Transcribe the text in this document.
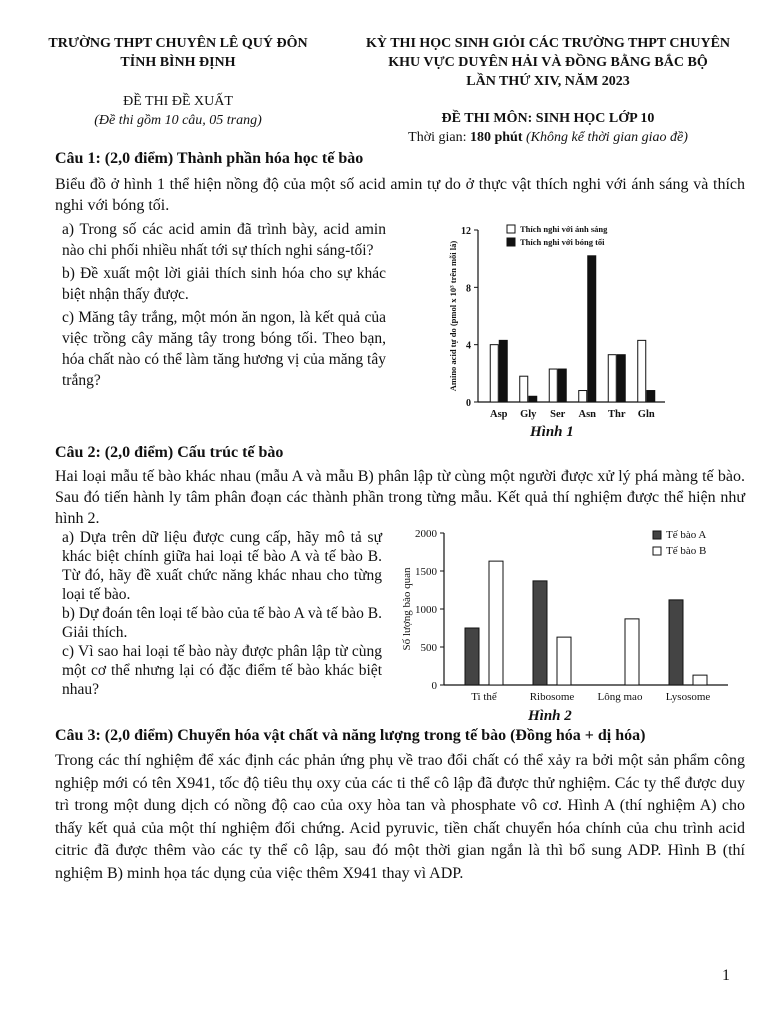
TRƯỜNG THPT CHUYÊN LÊ QUÝ ĐÔN
TỈNH BÌNH ĐỊNH
KỲ THI HỌC SINH GIỎI CÁC TRƯỜNG THPT CHUYÊN
KHU VỰC DUYÊN HẢI VÀ ĐỒNG BẰNG BẮC BỘ
LẦN THỨ XIV, NĂM 2023
ĐỀ THI ĐỀ XUẤT
(Đề thi gồm 10 câu, 05 trang)	ĐỀ THI MÔN: SINH HỌC LỚP 10
Thời gian: 180 phút (Không kể thời gian giao đề)
Câu 1: (2,0 điểm) Thành phần hóa học tế bào
Biểu đồ ở hình 1 thể hiện nồng độ của một số acid amin tự do ở thực vật thích nghi với ánh sáng và thích nghi với bóng tối.
a) Trong số các acid amin đã trình bày, acid amin nào chi phối nhiều nhất tới sự thích nghi sáng-tối?
b) Đề xuất một lời giải thích sinh hóa cho sự khác biệt nhận thấy được.
c) Măng tây trắng, một món ăn ngon, là kết quả của việc trồng cây măng tây trong bóng tối. Theo bạn, hóa chất nào có thể làm tăng hương vị của măng tây trắng?
0
4
8
12
Amino acid tự do (pmol x 10³ trên mỗi lá)
Asp Gly Ser Asn Thr Gln
Thích nghi với ánh sáng
Thích nghi với bóng tối
Hình 1
Câu 2: (2,0 điểm) Cấu trúc tế bào
Hai loại mẫu tế bào khác nhau (mẫu A và mẫu B) phân lập từ cùng một người được xử lý phá màng tế bào. Sau đó tiến hành ly tâm phân đoạn các thành phần trong từng mẫu. Kết quả thí nghiệm được thể hiện như hình 2.
a) Dựa trên dữ liệu được cung cấp, hãy mô tả sự khác biệt chính giữa hai loại tế bào A và tế bào B. Từ đó, hãy đề xuất chức năng khác nhau cho từng loại tế bào.
b) Dự đoán tên loại tế bào của tế bào A và tế bào B. Giải thích.
c) Vì sao hai loại tế bào này được phân lập từ cùng một cơ thể nhưng lại có đặc điểm tế bào khác biệt nhau?	0
500
1000
1500
2000
Số lượng bào quan
Ti thể	Ribosome Lông mao Lysosome
Tế bào A
Tế bào B
Hình 2
Câu 3: (2,0 điểm) Chuyển hóa vật chất và năng lượng trong tế bào (Đồng hóa + dị hóa)
Trong các thí nghiệm để xác định các phản ứng phụ về trao đổi chất có thể xảy ra bởi một sản phẩm công nghiệp mới có tên X941, tốc độ tiêu thụ oxy của các ti thể cô lập đã được thử nghiệm. Các ty thể được duy trì trong một dung dịch có nồng độ cao của oxy hòa tan và phosphate vô cơ. Hình A (thí nghiệm A) cho thấy kết quả của một thí nghiệm đối chứng. Acid pyruvic, tiền chất chuyển hóa chính của chu trình acid citric đã được thêm vào các ty thể cô lập, sau đó một thời gian ngắn là thì bổ sung ADP. Hình B (thí nghiệm B) minh họa tác dụng của việc thêm X941 thay vì ADP.
1
